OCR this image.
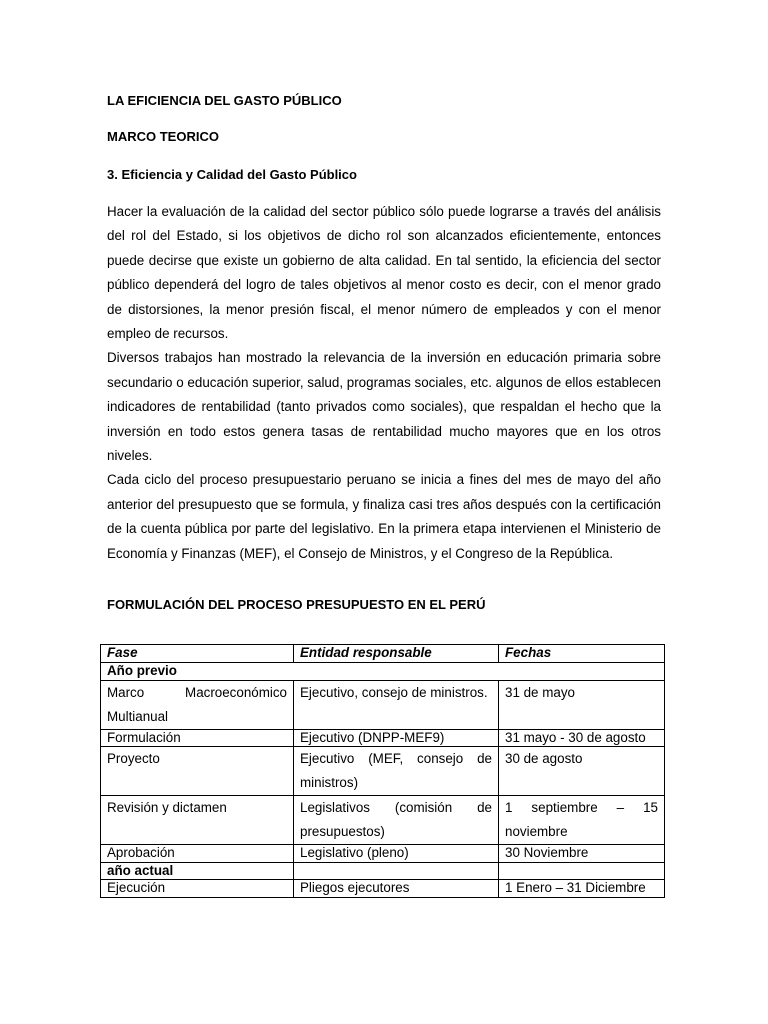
LA EFICIENCIA DEL GASTO PÚBLICO
MARCO TEORICO
3. Eficiencia y Calidad del Gasto Público

Hacer la evaluación de la calidad del sector público sólo puede lograrse a través del análisis del rol del Estado, si los objetivos de dicho rol son alcanzados eficientemente, entonces puede decirse que existe un gobierno de alta calidad. En tal sentido, la eficiencia del sector público dependerá del logro de tales objetivos al menor costo es decir, con el menor grado de distorsiones, la menor presión fiscal, el menor número de empleados y con el menor empleo de recursos.

Diversos trabajos han mostrado la relevancia de la inversión en educación primaria sobre secundario o educación superior, salud, programas sociales, etc. algunos de ellos establecen indicadores de rentabilidad (tanto privados como sociales), que respaldan el hecho que la inversión en todo estos genera tasas de rentabilidad mucho mayores que en los otros niveles.

Cada ciclo del proceso presupuestario peruano se inicia a fines del mes de mayo del año anterior del presupuesto que se formula, y finaliza casi tres años después con la certificación de la cuenta pública por parte del legislativo. En la primera etapa intervienen el Ministerio de Economía y Finanzas (MEF), el Consejo de Ministros, y el Congreso de la República.

FORMULACIÓN DEL PROCESO PRESUPUESTO EN EL PERÚ
Fase	Entidad responsable	Fechas
Año previo		

Marco Macroeconómico Multianual	Ejecutivo, consejo de ministros.	31 de mayo
Formulación	Ejecutivo (DNPP-MEF9)	31 mayo - 30 de agosto
Proyecto	Ejecutivo (MEF, consejo de ministros)	30 de agosto
Revisión y dictamen	Legislativos (comisión de presupuestos)	1 septiembre – 15 noviembre
Aprobación	Legislativo (pleno)	30 Noviembre
año actual		
Ejecución	Pliegos ejecutores	1 Enero – 31 Diciembre
